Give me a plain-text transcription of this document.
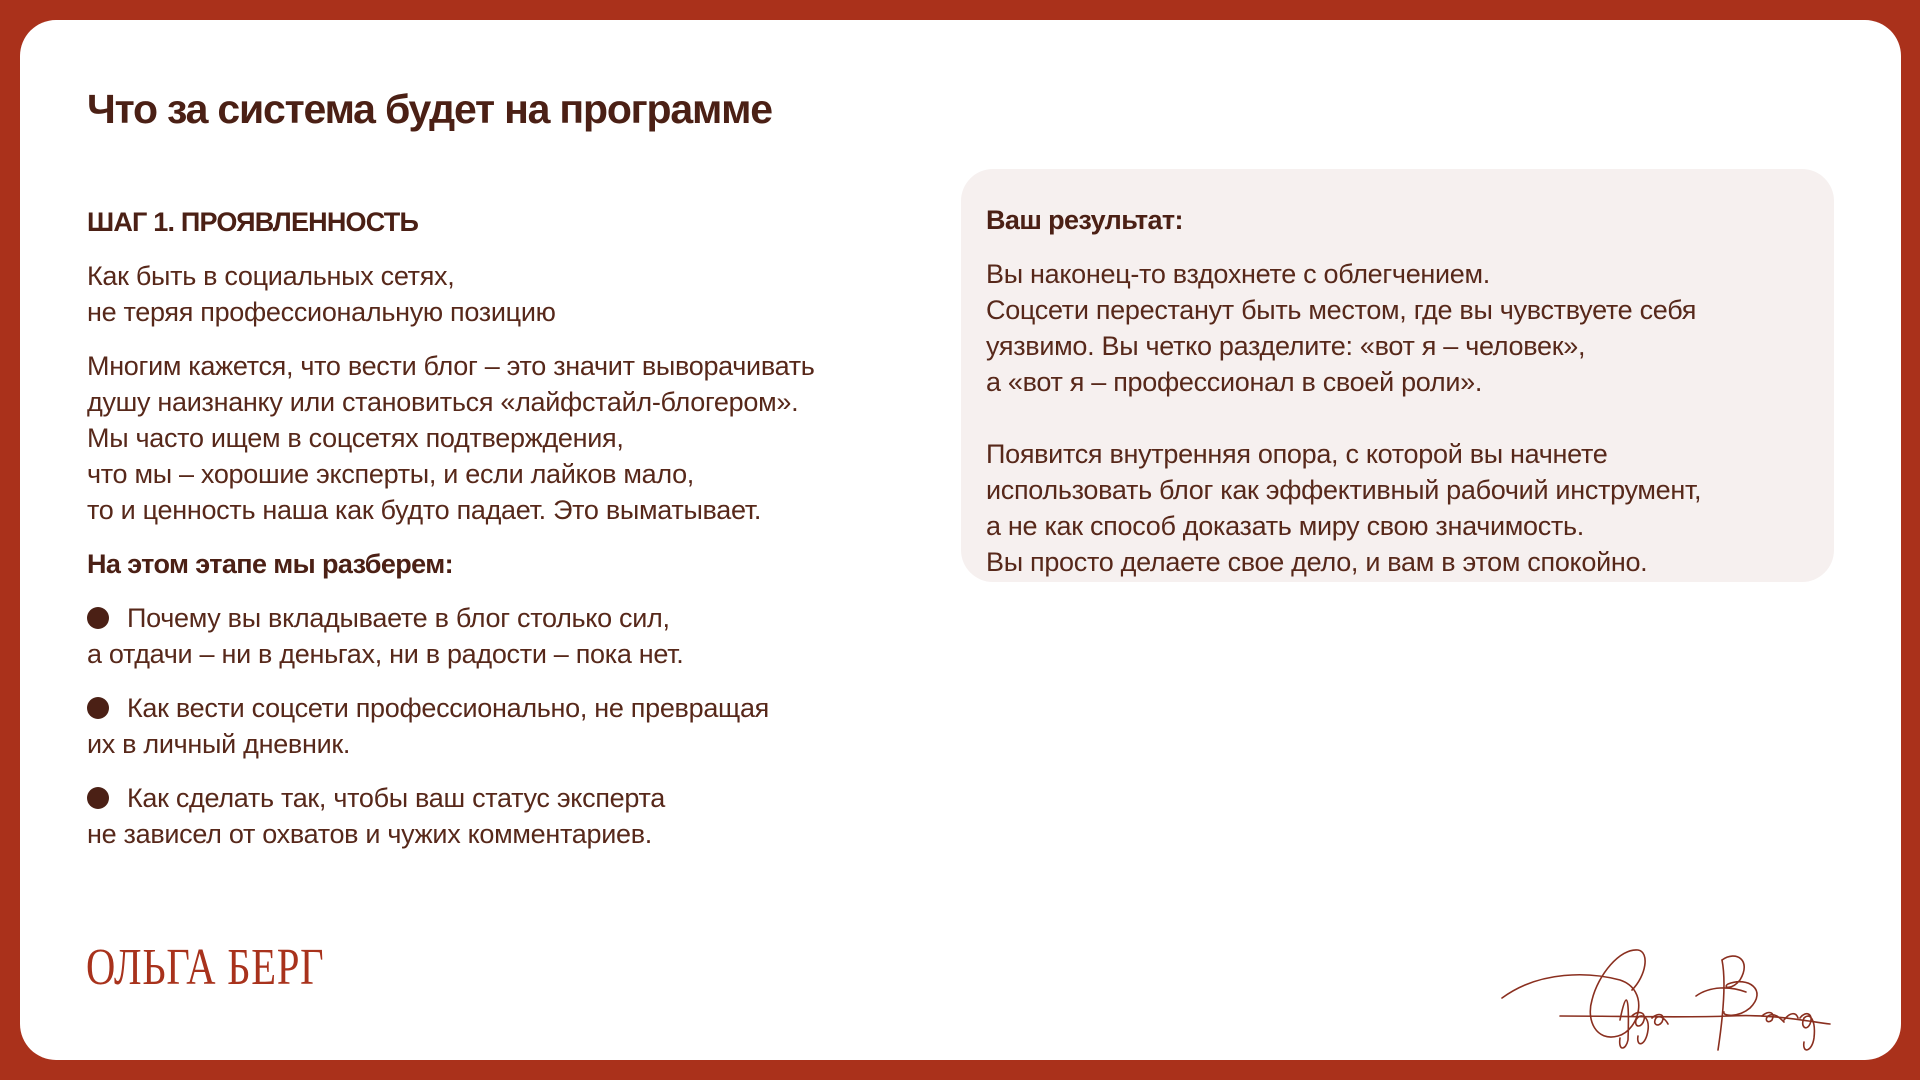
Что за система будет на программе
ШАГ 1. ПРОЯВЛЕННОСТЬ
Как быть в социальных сетях,
не теряя профессиональную позицию
Многим кажется, что вести блог – это значит выворачивать
душу наизнанку или становиться «лайфстайл-блогером».
Мы часто ищем в соцсетях подтверждения,
что мы – хорошие эксперты, и если лайков мало,
то и ценность наша как будто падает. Это выматывает.
На этом этапе мы разберем:
Почему вы вкладываете в блог столько сил,
а отдачи – ни в деньгах, ни в радости – пока нет.
Как вести соцсети профессионально, не превращая
их в личный дневник.
Как сделать так, чтобы ваш статус эксперта
не зависел от охватов и чужих комментариев.
Ваш результат:
Вы наконец-то вздохнете с облегчением.
Соцсети перестанут быть местом, где вы чувствуете себя
уязвимо. Вы четко разделите: «вот я – человек»,
а «вот я – профессионал в своей роли».
Появится внутренняя опора, с которой вы начнете
использовать блог как эффективный рабочий инструмент,
а не как способ доказать миру свою значимость.
Вы просто делаете свое дело, и вам в этом спокойно.
ОЛЬГА БЕРГ
